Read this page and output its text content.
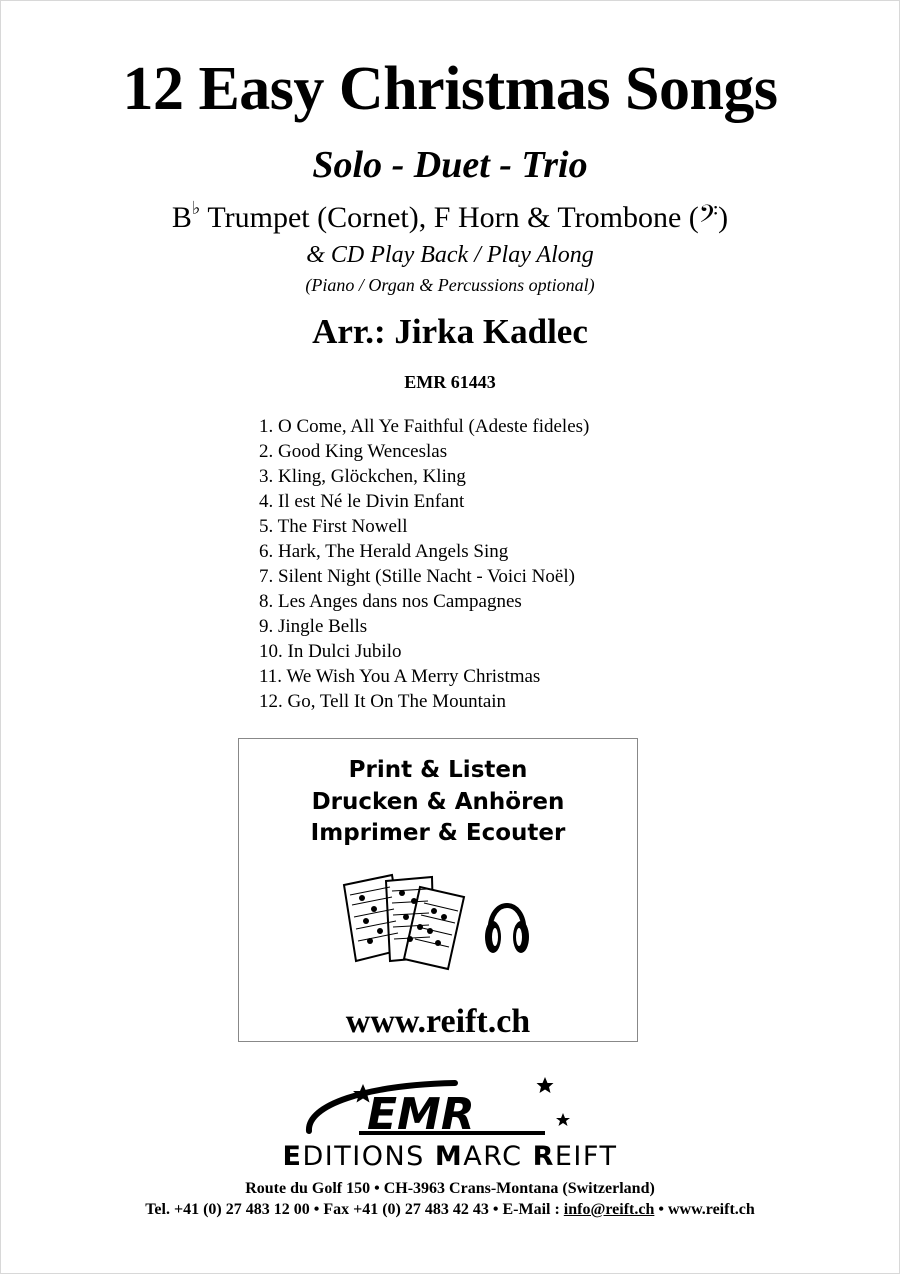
12 Easy Christmas Songs
Solo - Duet - Trio
B♭ Trumpet (Cornet), F Horn & Trombone (𝄢)
& CD Play Back / Play Along
(Piano / Organ & Percussions optional)
Arr.: Jirka Kadlec
EMR 61443
1. O Come, All Ye Faithful (Adeste fideles)
2. Good King Wenceslas
3. Kling, Glöckchen, Kling
4. Il est Né le Divin Enfant
5. The First Nowell
6. Hark, The Herald Angels Sing
7. Silent Night (Stille Nacht - Voici Noël)
8. Les Anges dans nos Campagnes
9. Jingle Bells
10. In Dulci Jubilo
11. We Wish You A Merry Christmas
12. Go, Tell It On The Mountain
Print & Listen
Drucken & Anhören
Imprimer & Ecouter
www.reift.ch
EMR
EDITIONS MARC REIFT
Route du Golf 150 • CH-3963 Crans-Montana (Switzerland)
Tel. +41 (0) 27 483 12 00 • Fax +41 (0) 27 483 42 43 • E-Mail : info@reift.ch • www.reift.ch
